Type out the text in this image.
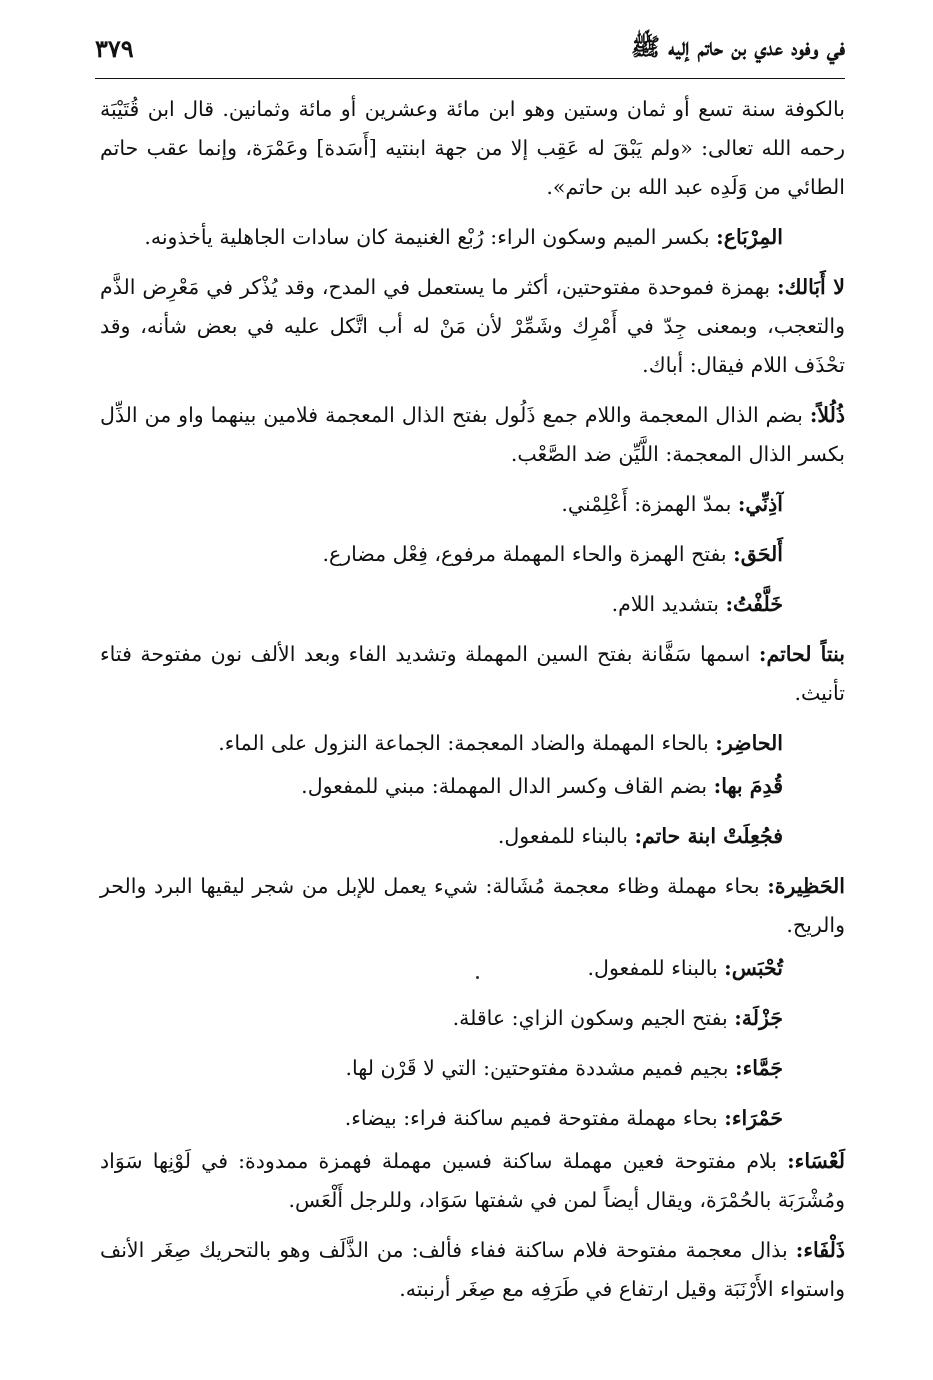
في وفود عدي بن حاتم إليه ﷺ
٣٧٩

بالكوفة سنة تسع أو ثمان وستين وهو ابن مائة وعشرين أو مائة وثمانين. قال ابن قُتَيْبَة رحمه الله تعالى: «ولم يَبْقَ له عَقِب إلا من جهة ابنتيه [أَسَدة] وعَمْرَة، وإنما عقب حاتم الطائي من وَلَدِه عبد الله بن حاتم».

المِرْبَاع: بكسر الميم وسكون الراء: رُبْع الغنيمة كان سادات الجاهلية يأخذونه.

لا أَبَالك: بهمزة فموحدة مفتوحتين، أكثر ما يستعمل في المدح، وقد يُذْكر في مَعْرِض الذَّم والتعجب، وبمعنى جِدّ في أَمْرِك وشَمِّرْ لأن مَنْ له أب اتَّكل عليه في بعض شأنه، وقد تحْذَف اللام فيقال: أباك.

ذُلُلاً: بضم الذال المعجمة واللام جمع ذَلُول بفتح الذال المعجمة فلامين بينهما واو من الذِّل بكسر الذال المعجمة: اللَّيِّن ضد الصَّعْب.

آذِنِّي: بمدّ الهمزة: أَعْلِمْني.

أَلحَق: بفتح الهمزة والحاء المهملة مرفوع، فِعْل مضارع.

خَلَّفْتُ: بتشديد اللام.

بنتاً لحاتم: اسمها سَفَّانة بفتح السين المهملة وتشديد الفاء وبعد الألف نون مفتوحة فتاء تأنيث.

الحاضِر: بالحاء المهملة والضاد المعجمة: الجماعة النزول على الماء.

قُدِمَ بها: بضم القاف وكسر الدال المهملة: مبني للمفعول.

فجُعِلَتْ ابنة حاتم: بالبناء للمفعول.

الحَظِيرة: بحاء مهملة وظاء معجمة مُشَالة: شيء يعمل للإبل من شجر ليقيها البرد والحر والريح.

تُحْبَس: بالبناء للمفعول.

جَزْلَة: بفتح الجيم وسكون الزاي: عاقلة.

جَمَّاء: بجيم فميم مشددة مفتوحتين: التي لا قَرْن لها.

حَمْرَاء: بحاء مهملة مفتوحة فميم ساكنة فراء: بيضاء.

لَعْسَاء: بلام مفتوحة فعين مهملة ساكنة فسين مهملة فهمزة ممدودة: في لَوْنِها سَوَاد ومُشْرَبَة بالحُمْرَة، ويقال أيضاً لمن في شفتها سَوَاد، وللرجل أَلْعَس.

ذَلْفَاء: بذال معجمة مفتوحة فلام ساكنة ففاء فألف: من الذَّلَف وهو بالتحريك صِغَر الأنف واستواء الأَرْنَبَة وقيل ارتفاع في طَرَفِه مع صِغَر أرنبته.
